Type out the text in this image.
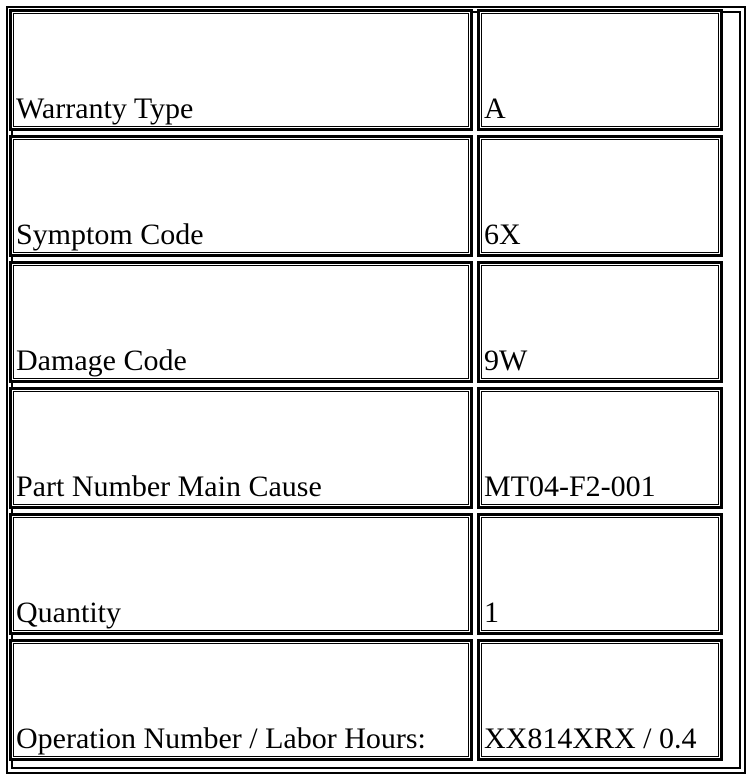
Warranty Type		A

Symptom Code		6X

Damage Code		9W

Part Number Main Cause		MT04-F2-001

Quantity		1

Operation Number / Labor Hours:		XX814XRX / 0.4
